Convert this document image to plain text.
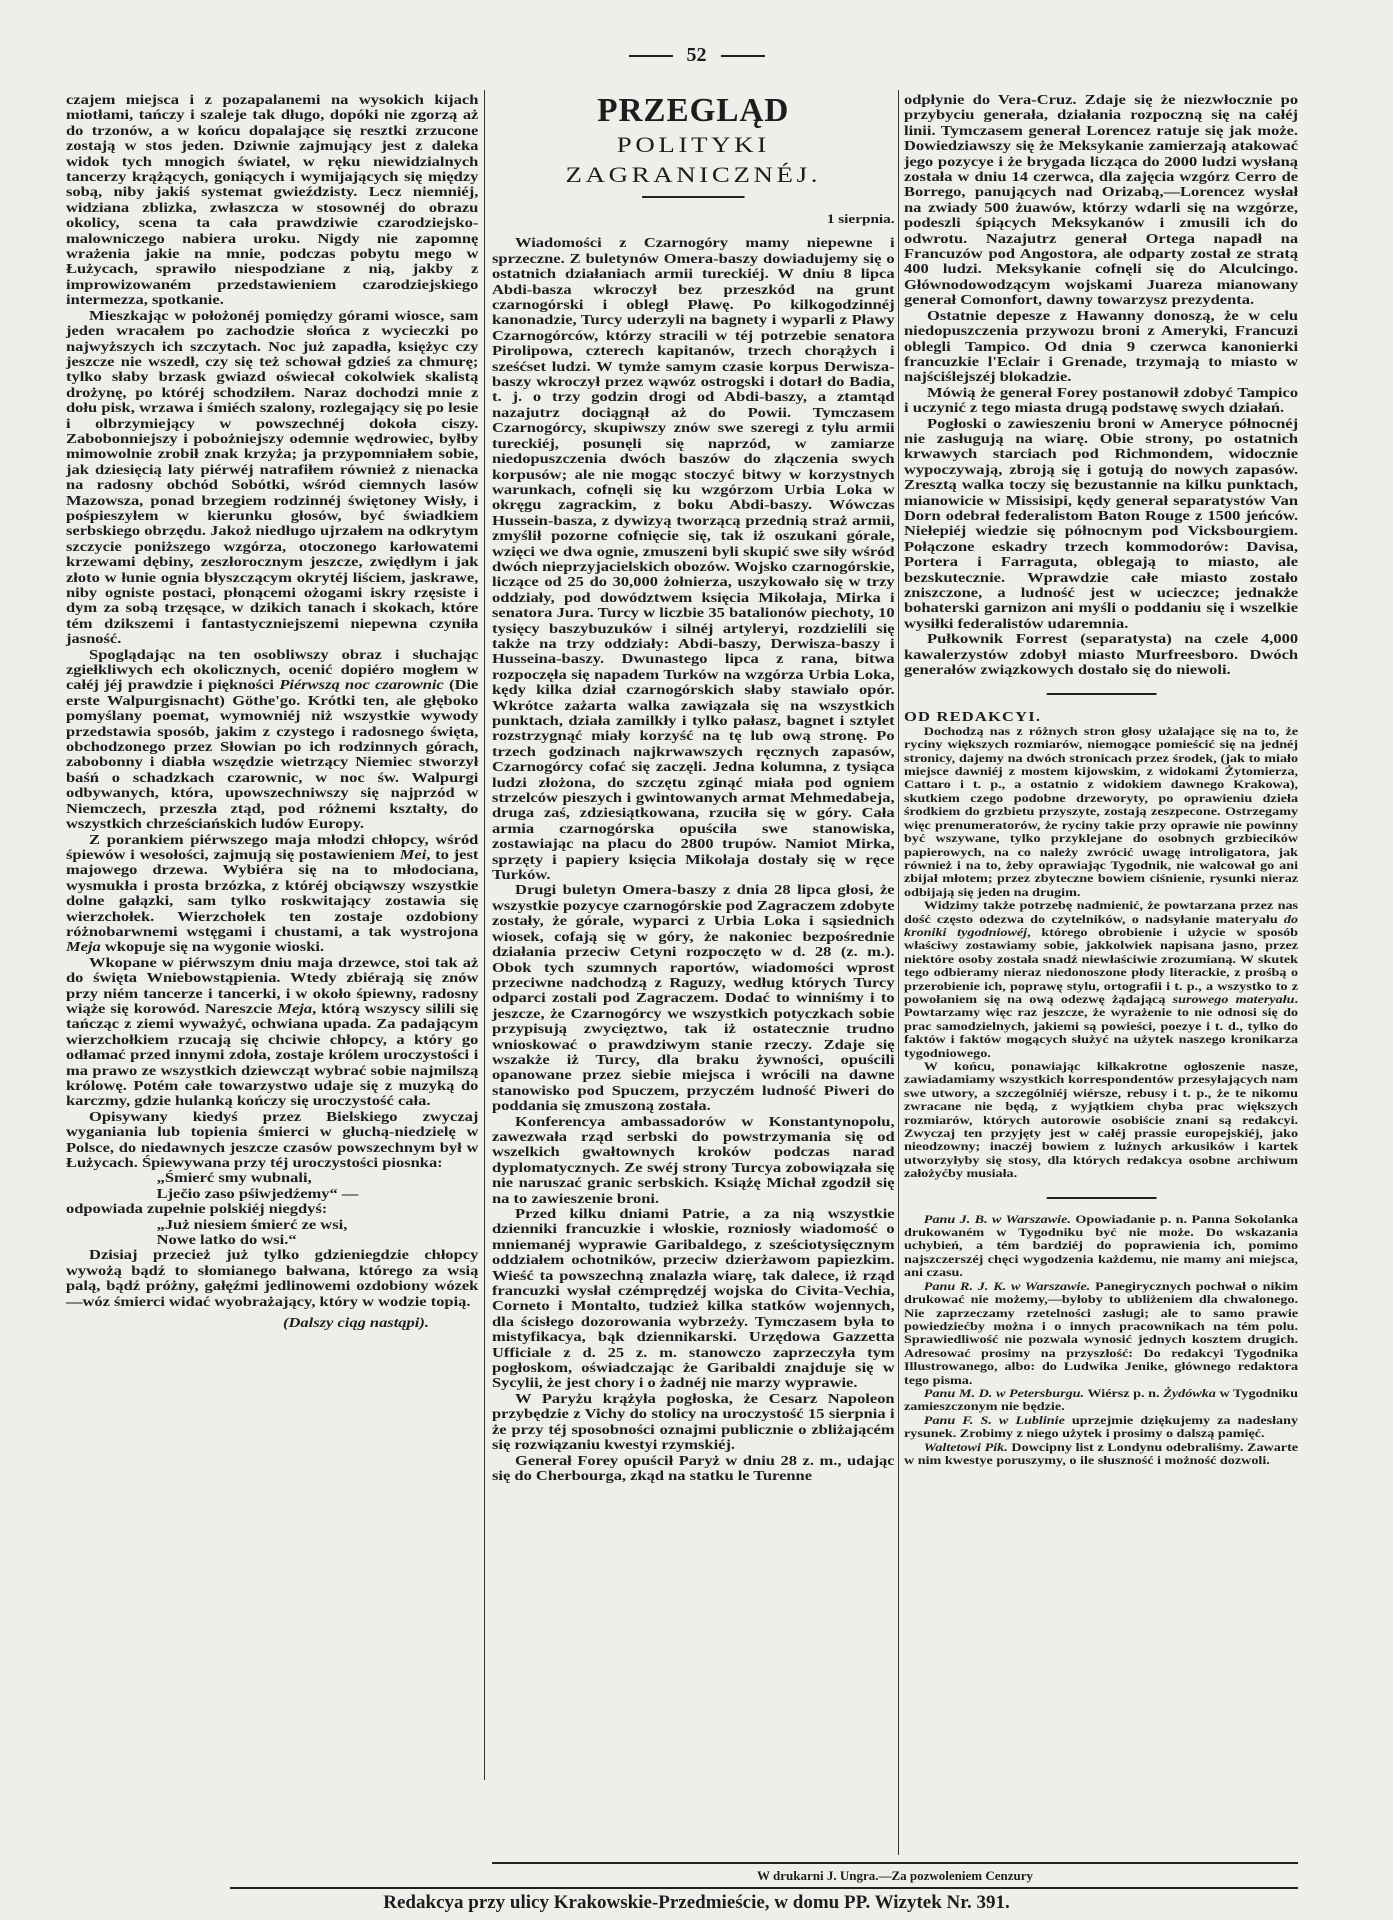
52

czajem miejsca i z pozapalanemi na wysokich kijach miotłami, tańczy i szaleje tak długo, dopóki nie zgorzą aż do trzonów, a w końcu dopalające się resztki zrzucone zostają w stos jeden. Dziwnie zajmujący jest z daleka widok tych mnogich świateł, w ręku niewidzialnych tancerzy krążących, goniących i wymijających się między sobą, niby jakiś systemat gwieździsty. Lecz niemniéj, widziana zblizka, zwłaszcza w stosownéj do obrazu okolicy, scena ta cała prawdziwie czarodziejsko-malowniczego nabiera uroku. Nigdy nie zapomnę wrażenia jakie na mnie, podczas pobytu mego w Łużycach, sprawiło niespodziane z nią, jakby z improwizowaném przedstawieniem czarodziejskiego intermezza, spotkanie.

Mieszkając w położonéj pomiędzy górami wiosce, sam jeden wracałem po zachodzie słońca z wycieczki po najwyższych ich szczytach. Noc już zapadła, księżyc czy jeszcze nie wszedł, czy się też schował gdzieś za chmurę; tylko słaby brzask gwiazd oświecał cokolwiek skalistą drożynę, po któréj schodziłem. Naraz dochodzi mnie z dołu pisk, wrzawa i śmiéch szalony, rozlegający się po lesie i olbrzymiejący w powszechnéj dokoła ciszy. Zabobonniejszy i pobożniejszy odemnie wędrowiec, byłby mimowolnie zrobił znak krzyża; ja przypomniałem sobie, jak dziesięcią laty piérwéj natrafiłem również z nienacka na radosny obchód Sobótki, wśród ciemnych lasów Mazowsza, ponad brzegiem rodzinnéj świętoney Wisły, i pośpieszyłem w kierunku głosów, być świadkiem serbskiego obrzędu. Jakoż niedługo ujrzałem na odkrytym szczycie poniższego wzgórza, otoczonego karłowatemi krzewami dębiny, zeszłorocznym jeszcze, zwiędłym i jak złoto w łunie ognia błyszczącym okrytéj liściem, jaskrawe, niby ogniste postaci, płonącemi ożogami iskry rzęsiste i dym za sobą trzęsące, w dzikich tanach i skokach, które tém dzikszemi i fantastyczniejszemi niepewna czyniła jasność.

Spoglądając na ten osobliwszy obraz i słuchając zgiełkliwych ech okolicznych, ocenić dopiéro mogłem w całéj jéj prawdzie i piękności Piérwszą noc czarownic (Die erste Walpurgisnacht) Göthe'go. Krótki ten, ale głęboko pomyślany poemat, wymowniéj niż wszystkie wywody przedstawia sposób, jakim z czystego i radosnego święta, obchodzonego przez Słowian po ich rodzinnych górach, zabobonny i diabła wszędzie wietrzący Niemiec stworzył baśń o schadzkach czarownic, w noc św. Walpurgi odbywanych, która, upowszechniwszy się najprzód w Niemczech, przeszła ztąd, pod różnemi kształty, do wszystkich chrześciańskich ludów Europy.

Z porankiem piérwszego maja młodzi chłopcy, wśród śpiewów i wesołości, zajmują się postawieniem Mei, to jest majowego drzewa. Wybiéra się na to młodociana, wysmukła i prosta brzózka, z któréj obciąwszy wszystkie dolne gałązki, sam tylko roskwitający zostawia się wierzchołek. Wierzchołek ten zostaje ozdobiony różnobarwnemi wstęgami i chustami, a tak wystrojona Meja wkopuje się na wygonie wioski.

Wkopane w piérwszym dniu maja drzewce, stoi tak aż do święta Wniebowstąpienia. Wtedy zbiérają się znów przy niém tancerze i tancerki, i w około śpiewny, radosny wiąże się korowód. Nareszcie Meja, którą wszyscy silili się tańcząc z ziemi wyważyć, ochwiana upada. Za padającym wierzchołkiem rzucają się chciwie chłopcy, a który go odłamać przed innymi zdoła, zostaje królem uroczystości i ma prawo ze wszystkich dziewcząt wybrać sobie najmilszą królowę. Potém całe towarzystwo udaje się z muzyką do karczmy, gdzie hulanką kończy się uroczystość cała.

Opisywany kiedyś przez Bielskiego zwyczaj wyganiania lub topienia śmierci w głuchą-niedzielę w Polsce, do niedawnych jeszcze czasów powszechnym był w Łużycach. Śpiewywana przy téj uroczystości piosnka:

„Śmierć smy wubnali,

Lječio zaso pśiwjedźemy“ —

odpowiada zupełnie polskiéj niegdyś:

„Już niesiem śmierć ze wsi,

Nowe latko do wsi.“

Dzisiaj przecież już tylko gdzieniegdzie chłopcy wywożą bądź to słomianego bałwana, którego za wsią palą, bądź próżny, gałęźmi jedlinowemi ozdobiony wózek—wóz śmierci widać wyobrażający, który w wodzie topią.

(Dalszy ciąg nastąpi).

PRZEGLĄD
POLITYKI ZAGRANICZNÉJ.

1 sierpnia.

Wiadomości z Czarnogóry mamy niepewne i sprzeczne. Z buletynów Omera-baszy dowiadujemy się o ostatnich działaniach armii tureckiéj. W dniu 8 lipca Abdi-basza wkroczył bez przeszkód na grunt czarnogórski i obległ Pławę. Po kilkogodzinnéj kanonadzie, Turcy uderzyli na bagnety i wyparli z Pławy Czarnogórców, którzy stracili w téj potrzebie senatora Pirolipowa, czterech kapitanów, trzech chorążych i sześćset ludzi. W tymże samym czasie korpus Derwisza-baszy wkroczył przez wąwóz ostrogski i dotarł do Badia, t. j. o trzy godzin drogi od Abdi-baszy, a ztamtąd nazajutrz dociągnął aż do Powii. Tymczasem Czarnogórcy, skupiwszy znów swe szeregi z tyłu armii tureckiéj, posunęli się naprzód, w zamiarze niedopuszczenia dwóch baszów do złączenia swych korpusów; ale nie mogąc stoczyć bitwy w korzystnych warunkach, cofnęli się ku wzgórzom Urbia Loka w okręgu zagrackim, z boku Abdi-baszy. Wówczas Hussein-basza, z dywizyą tworzącą przednią straż armii, zmyślił pozorne cofnięcie się, tak iż oszukani górale, wzięci we dwa ognie, zmuszeni byli skupić swe siły wśród dwóch nieprzyjacielskich obozów. Wojsko czarnogórskie, liczące od 25 do 30,000 żołnierza, uszykowało się w trzy oddziały, pod dowództwem księcia Mikołaja, Mirka i senatora Jura. Turcy w liczbie 35 batalionów piechoty, 10 tysięcy baszybuzuków i silnéj artyleryi, rozdzielili się także na trzy oddziały: Abdi-baszy, Derwisza-baszy i Husseina-baszy. Dwunastego lipca z rana, bitwa rozpoczęła się napadem Turków na wzgórza Urbia Loka, kędy kilka dział czarnogórskich słaby stawiało opór. Wkrótce zażarta walka zawiązała się na wszystkich punktach, działa zamilkły i tylko pałasz, bagnet i sztylet rozstrzygnąć miały korzyść na tę lub ową stronę. Po trzech godzinach najkrwawszych ręcznych zapasów, Czarnogórcy cofać się zaczęli. Jedna kolumna, z tysiąca ludzi złożona, do szczętu zginąć miała pod ogniem strzelców pieszych i gwintowanych armat Mehmedabeja, druga zaś, zdziesiątkowana, rzuciła się w góry. Cała armia czarnogórska opuściła swe stanowiska, zostawiając na placu do 2800 trupów. Namiot Mirka, sprzęty i papiery księcia Mikołaja dostały się w ręce Turków.

Drugi buletyn Omera-baszy z dnia 28 lipca głosi, że wszystkie pozycye czarnogórskie pod Zagraczem zdobyte zostały, że górale, wyparci z Urbia Loka i sąsiednich wiosek, cofają się w góry, że nakoniec bezpośrednie działania przeciw Cetyni rozpoczęto w d. 28 (z. m.). Obok tych szumnych raportów, wiadomości wprost przeciwne nadchodzą z Raguzy, według których Turcy odparci zostali pod Zagraczem. Dodać to winniśmy i to jeszcze, że Czarnogórcy we wszystkich potyczkach sobie przypisują zwycięztwo, tak iż ostatecznie trudno wnioskować o prawdziwym stanie rzeczy. Zdaje się wszakże iż Turcy, dla braku żywności, opuścili opanowane przez siebie miejsca i wrócili na dawne stanowisko pod Spuczem, przyczém ludność Piweri do poddania się zmuszoną została.

Konferencya ambassadorów w Konstantynopolu, zawezwała rząd serbski do powstrzymania się od wszelkich gwałtownych kroków podczas narad dyplomatycznych. Ze swéj strony Turcya zobowiązała się nie naruszać granic serbskich. Książę Michał zgodził się na to zawieszenie broni.

Przed kilku dniami Patrie, a za nią wszystkie dzienniki francuzkie i włoskie, rozniosły wiadomość o mniemanéj wyprawie Garibaldego, z sześciotysięcznym oddziałem ochotników, przeciw dzierżawom papiezkim. Wieść ta powszechną znalazła wiarę, tak dalece, iż rząd francuzki wysłał czémprędzéj wojska do Civita-Vechia, Corneto i Montalto, tudzież kilka statków wojennych, dla ścisłego dozorowania wybrzeży. Tymczasem była to mistyfikacya, bąk dziennikarski. Urzędowa Gazzetta Ufficiale z d. 25 z. m. stanowczo zaprzeczyła tym pogłoskom, oświadczając że Garibaldi znajduje się w Sycylii, że jest chory i o żadnéj nie marzy wyprawie.

W Paryżu krążyła pogłoska, że Cesarz Napoleon przybędzie z Vichy do stolicy na uroczystość 15 sierpnia i że przy téj sposobności oznajmi publicznie o zbliżającém się rozwiązaniu kwestyi rzymskiéj.

Generał Forey opuścił Paryż w dniu 28 z. m., udając się do Cherbourga, zkąd na statku le Turenne

odpłynie do Vera-Cruz. Zdaje się że niezwłocznie po przybyciu generała, działania rozpoczną się na całéj linii. Tymczasem generał Lorencez ratuje się jak może. Dowiedziawszy się że Meksykanie zamierzają atakować jego pozycye i że brygada licząca do 2000 ludzi wysłaną została w dniu 14 czerwca, dla zajęcia wzgórz Cerro de Borrego, panujących nad Orizabą,—Lorencez wysłał na zwiady 500 żuawów, którzy wdarli się na wzgórze, podeszli śpiących Meksykanów i zmusili ich do odwrotu. Nazajutrz generał Ortega napadł na Francuzów pod Angostora, ale odparty został ze stratą 400 ludzi. Meksykanie cofnęli się do Alculcingo. Głównodowodzącym wojskami Juareza mianowany generał Comonfort, dawny towarzysz prezydenta.

Ostatnie depesze z Hawanny donoszą, że w celu niedopuszczenia przywozu broni z Ameryki, Francuzi oblegli Tampico. Od dnia 9 czerwca kanonierki francuzkie l'Eclair i Grenade, trzymają to miasto w najściślejszéj blokadzie.

Mówią że generał Forey postanowił zdobyć Tampico i uczynić z tego miasta drugą podstawę swych działań.

Pogłoski o zawieszeniu broni w Ameryce północnéj nie zasługują na wiarę. Obie strony, po ostatnich krwawych starciach pod Richmondem, widocznie wypoczywają, zbroją się i gotują do nowych zapasów. Zresztą walka toczy się bezustannie na kilku punktach, mianowicie w Missisipi, kędy generał separatystów Van Dorn odebrał federalistom Baton Rouge z 1500 jeńców. Niełepiéj wiedzie się północnym pod Vicksbourgiem. Połączone eskadry trzech kommodorów: Davisa, Portera i Farraguta, oblegają to miasto, ale bezskutecznie. Wprawdzie całe miasto zostało zniszczone, a ludność jest w ucieczce; jednakże bohaterski garnizon ani myśli o poddaniu się i wszelkie wysiłki federalistów udaremnia.

Pułkownik Forrest (separatysta) na czele 4,000 kawalerzystów zdobył miasto Murfreesboro. Dwóch generałów związkowych dostało się do niewoli.

OD REDAKCYI.

Dochodzą nas z różnych stron głosy użalające się na to, że ryciny większych rozmiarów, niemogące pomieścić się na jednéj stronicy, dajemy na dwóch stronicach przez środek, (jak to miało miejsce dawniéj z mostem kijowskim, z widokami Żytomierza, Cattaro i t. p., a ostatnio z widokiem dawnego Krakowa), skutkiem czego podobne drzeworyty, po oprawieniu dzieła środkiem do grzbietu przyszyte, zostają zeszpecone. Ostrzegamy więc prenumeratorów, że ryciny takie przy oprawie nie powinny być wszywane, tylko przyklejane do osobnych grzbiecików papierowych, na co należy zwrócić uwagę introligatora, jak również i na to, żeby oprawiając Tygodnik, nie walcował go ani zbijał młotem; przez zbyteczne bowiem ciśnienie, rysunki nieraz odbijają się jeden na drugim.

Widzimy także potrzebę nadmienić, że powtarzana przez nas dość często odezwa do czytelników, o nadsyłanie materyału do kroniki tygodniowéj, którego obrobienie i użycie w sposób właściwy zostawiamy sobie, jakkolwiek napisana jasno, przez niektóre osoby została snadź niewłaściwie zrozumianą. W skutek tego odbieramy nieraz niedonoszone płody literackie, z prośbą o przerobienie ich, poprawę stylu, ortografii i t. p., a wszystko to z powołaniem się na ową odezwę żądającą surowego materyału. Powtarzamy więc raz jeszcze, że wyrażenie to nie odnosi się do prac samodzielnych, jakiemi są powieści, poezye i t. d., tylko do faktów i faktów mogących służyć na użytek naszego kronikarza tygodniowego.

W końcu, ponawiając kilkakrotne ogłoszenie nasze, zawiadamiamy wszystkich korrespondentów przesyłających nam swe utwory, a szczególniéj wiérsze, rebusy i t. p., że te nikomu zwracane nie będą, z wyjątkiem chyba prac większych rozmiarów, których autorowie osobiście znani są redakcyi. Zwyczaj ten przyjęty jest w całéj prassie europejskiéj, jako nieodzowny; inaczéj bowiem z luźnych arkusików i kartek utworzyłyby się stosy, dla których redakcya osobne archiwum założyćby musiała.

Panu J. B. w Warszawie. Opowiadanie p. n. Panna Sokolanka drukowaném w Tygodniku być nie może. Do wskazania uchybień, a tém bardziéj do poprawienia ich, pomimo najszczerszéj chęci wygodzenia każdemu, nie mamy ani miejsca, ani czasu.

Panu R. J. K. w Warszawie. Panegirycznych pochwał o nikim drukować nie możemy,—byłoby to ubliżeniem dla chwalonego. Nie zaprzeczamy rzetelności zasługi; ale to samo prawie powiedziećby można i o innych pracownikach na tém polu. Sprawiedliwość nie pozwala wynosić jednych kosztem drugich. Adresować prosimy na przyszłość: Do redakcyi Tygodnika Illustrowanego, albo: do Ludwika Jenike, głównego redaktora tego pisma.

Panu M. D. w Petersburgu. Wiérsz p. n. Żydówka w Tygodniku zamieszczonym nie będzie.

Panu F. S. w Lublinie uprzejmie dziękujemy za nadesłany rysunek. Zrobimy z niego użytek i prosimy o dalszą pamięć.

Waltetowi Pik. Dowcipny list z Londynu odebraliśmy. Zawarte w nim kwestye poruszymy, o ile słuszność i możność dozwoli.

W drukarni J. Ungra.—Za pozwoleniem Cenzury
Redakcya przy ulicy Krakowskie-Przedmieście, w domu PP. Wizytek Nr. 391.
